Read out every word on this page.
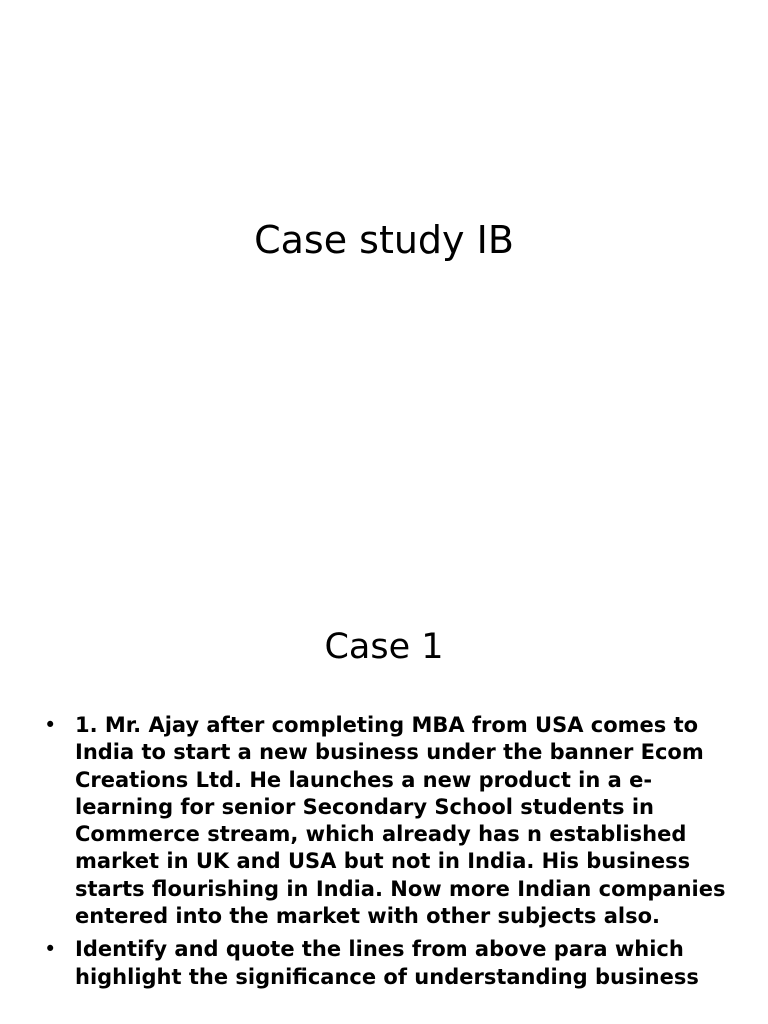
Case study IB
Case 1
• 1. Mr. Ajay after completing MBA from USA comes to India to start a new business under the banner Ecom Creations Ltd. He launches a new product in a e-learning for senior Secondary School students in Commerce stream, which already has n established market in UK and USA but not in India. His business starts flourishing in India. Now more Indian companies entered into the market with other subjects also.
• Identify and quote the lines from above para which highlight the significance of understanding business
